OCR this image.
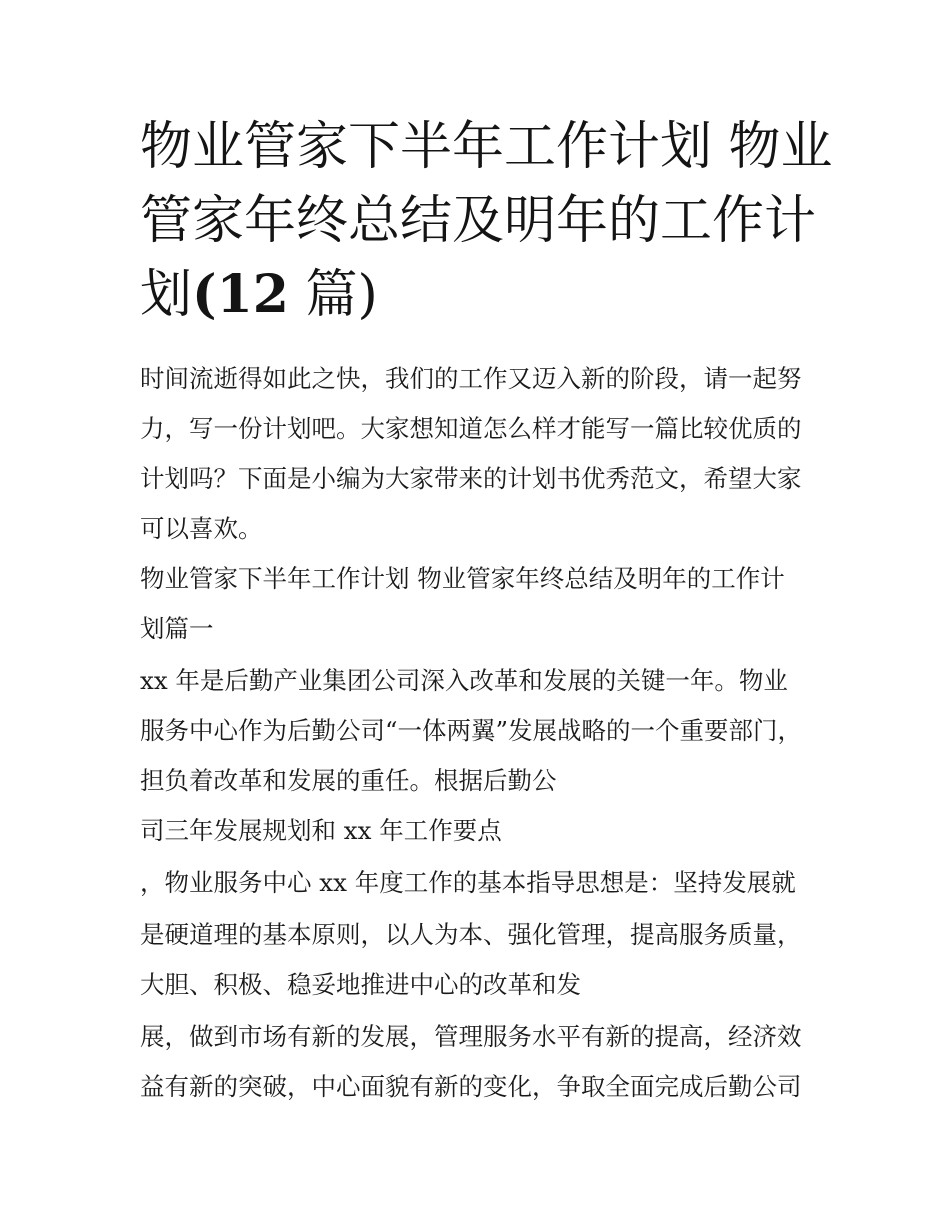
物业管家下半年工作计划 物业
管家年终总结及明年的工作计
划(12 篇)

时间流逝得如此之快，我们的工作又迈入新的阶段，请一起努

力，写一份计划吧。大家想知道怎么样才能写一篇比较优质的

计划吗？下面是小编为大家带来的计划书优秀范文，希望大家

可以喜欢。

物业管家下半年工作计划 物业管家年终总结及明年的工作计

划篇一

xx 年是后勤产业集团公司深入改革和发展的关键一年。物业

服务中心作为后勤公司“一体两翼”发展战略的一个重要部门，

担负着改革和发展的重任。根据后勤公

司三年发展规划和 xx 年工作要点

，物业服务中心 xx 年度工作的基本指导思想是：坚持发展就

是硬道理的基本原则，以人为本、强化管理，提高服务质量，

大胆、积极、稳妥地推进中心的改革和发

展，做到市场有新的发展，管理服务水平有新的提高，经济效

益有新的突破，中心面貌有新的变化，争取全面完成后勤公司
